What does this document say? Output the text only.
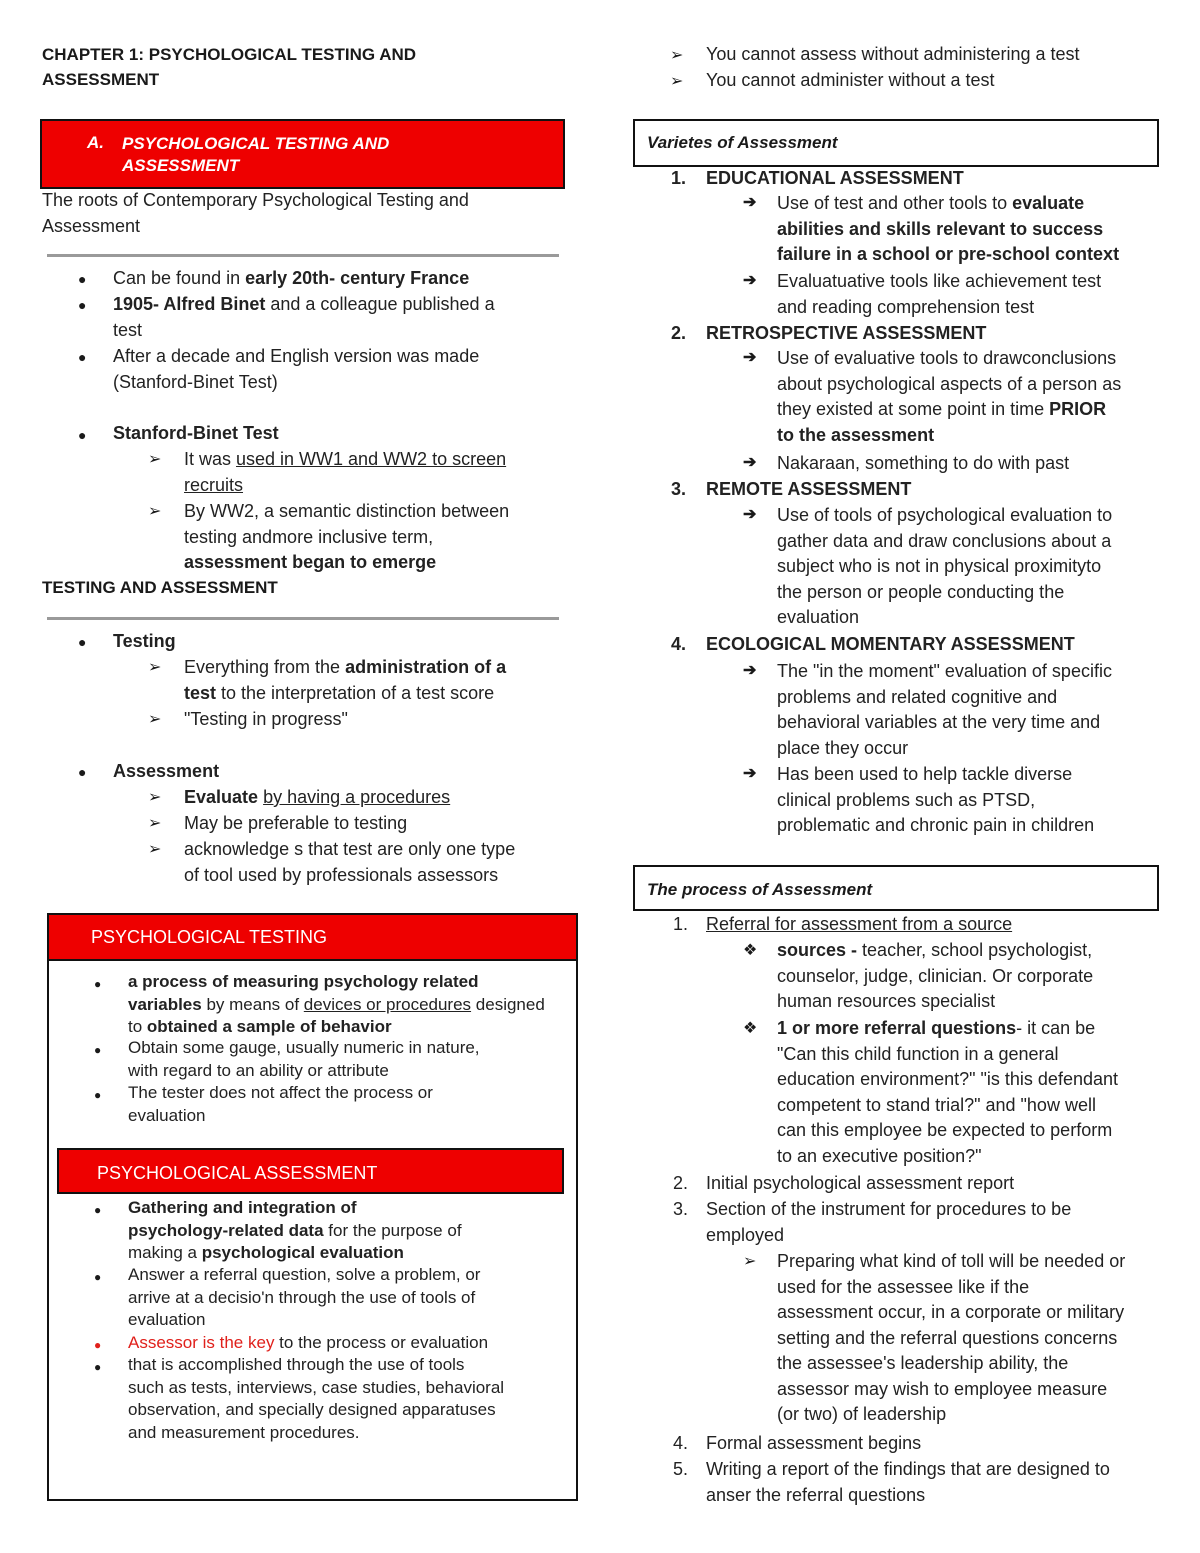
CHAPTER 1: PSYCHOLOGICAL TESTING AND
ASSESSMENT
A. PSYCHOLOGICAL TESTING AND
ASSESSMENT
The roots of Contemporary Psychological Testing and
Assessment
● Can be found in early 20th- century France
● 1905- Alfred Binet and a colleague published a
test
● After a decade and English version was made
(Stanford-Binet Test)
● Stanford-Binet Test
➢ It was used in WW1 and WW2 to screen
recruits
➢ By WW2, a semantic distinction between
testing andmore inclusive term,
assessment began to emerge
TESTING AND ASSESSMENT
● Testing
➢ Everything from the administration of a
test to the interpretation of a test score
➢ "Testing in progress"
● Assessment
➢ Evaluate by having a procedures
➢ May be preferable to testing
➢ acknowledge s that test are only one type
of tool used by professionals assessors
PSYCHOLOGICAL TESTING
● a process of measuring psychology related
variables by means of devices or procedures designed
to obtained a sample of behavior
● Obtain some gauge, usually numeric in nature,
with regard to an ability or attribute
● The tester does not affect the process or
evaluation
PSYCHOLOGICAL ASSESSMENT
● Gathering and integration of
psychology-related data for the purpose of
making a psychological evaluation
● Answer a referral question, solve a problem, or
arrive at a decisio'n through the use of tools of
evaluation
● Assessor is the key to the process or evaluation
● that is accomplished through the use of tools
such as tests, interviews, case studies, behavioral
observation, and specially designed apparatuses
and measurement procedures.
➢ You cannot assess without administering a test
➢ You cannot administer without a test
Varietes of Assessment
1. EDUCATIONAL ASSESSMENT
➔ Use of test and other tools to evaluate
abilities and skills relevant to success
failure in a school or pre-school context
➔ Evaluatuative tools like achievement test
and reading comprehension test
2. RETROSPECTIVE ASSESSMENT
➔ Use of evaluative tools to drawconclusions
about psychological aspects of a person as
they existed at some point in time PRIOR
to the assessment
➔ Nakaraan, something to do with past
3. REMOTE ASSESSMENT
➔ Use of tools of psychological evaluation to
gather data and draw conclusions about a
subject who is not in physical proximityto
the person or people conducting the
evaluation
4. ECOLOGICAL MOMENTARY ASSESSMENT
➔ The "in the moment" evaluation of specific
problems and related cognitive and
behavioral variables at the very time and
place they occur
➔ Has been used to help tackle diverse
clinical problems such as PTSD,
problematic and chronic pain in children
The process of Assessment
1. Referral for assessment from a source
❖ sources - teacher, school psychologist,
counselor, judge, clinician. Or corporate
human resources specialist
❖ 1 or more referral questions- it can be
"Can this child function in a general
education environment?" "is this defendant
competent to stand trial?" and "how well
can this employee be expected to perform
to an executive position?"
2. Initial psychological assessment report
3. Section of the instrument for procedures to be
employed
➢ Preparing what kind of toll will be needed or
used for the assessee like if the
assessment occur, in a corporate or military
setting and the referral questions concerns
the assessee's leadership ability, the
assessor may wish to employee measure
(or two) of leadership
4. Formal assessment begins
5. Writing a report of the findings that are designed to
anser the referral questions
